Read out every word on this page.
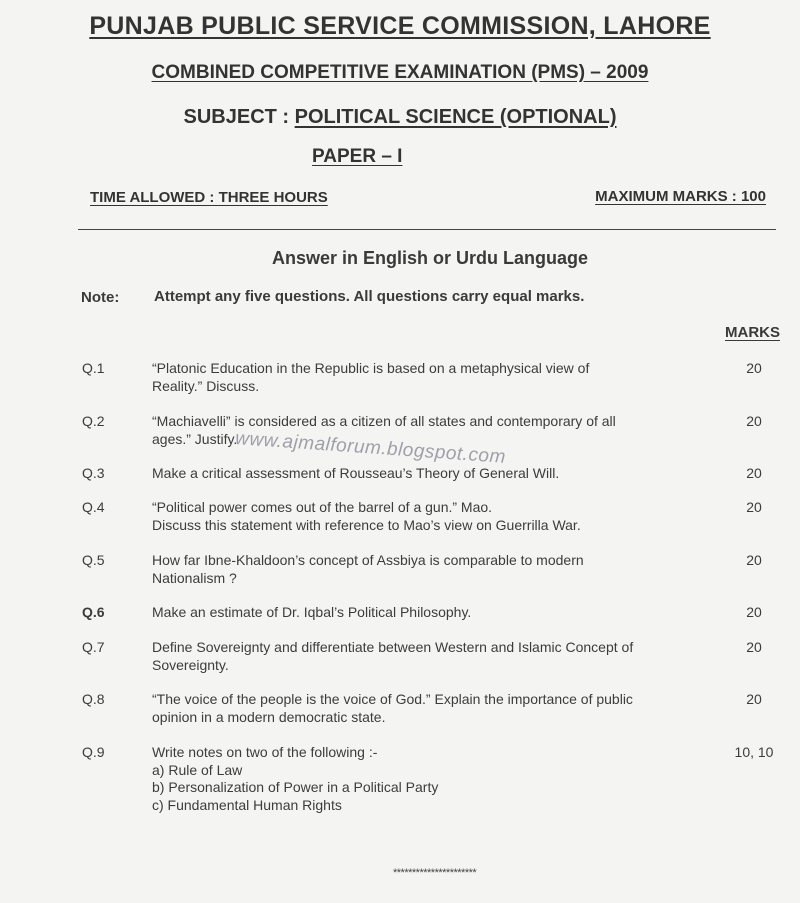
PUNJAB PUBLIC SERVICE COMMISSION, LAHORE
COMBINED COMPETITIVE EXAMINATION (PMS) – 2009
SUBJECT : POLITICAL SCIENCE (OPTIONAL)
PAPER – I
TIME ALLOWED : THREE HOURS	MAXIMUM MARKS : 100
Answer in English or Urdu Language
Note: Attempt any five questions. All questions carry equal marks.
MARKS
Q.1	“Platonic Education in the Republic is based on a metaphysical view of
Reality.” Discuss.
20
Q.2	“Machiavelli” is considered as a citizen of all states and contemporary of all
ages.” Justify.
20
Q.3	Make a critical assessment of Rousseau’s Theory of General Will.	20
Q.4	“Political power comes out of the barrel of a gun.” Mao.
Discuss this statement with reference to Mao’s view on Guerrilla War.
20
Q.5	How far Ibne-Khaldoon’s concept of Assbiya is comparable to modern
Nationalism ?
20
Q.6	Make an estimate of Dr. Iqbal’s Political Philosophy.	20
Q.7	Define Sovereignty and differentiate between Western and Islamic Concept of
Sovereignty.
20
Q.8	“The voice of the people is the voice of God.” Explain the importance of public
opinion in a modern democratic state.
20
Q.9	Write notes on two of the following :-
a) Rule of Law
b) Personalization of Power in a Political Party
c) Fundamental Human Rights
10, 10
www.ajmalforum.blogspot.com
**********************
